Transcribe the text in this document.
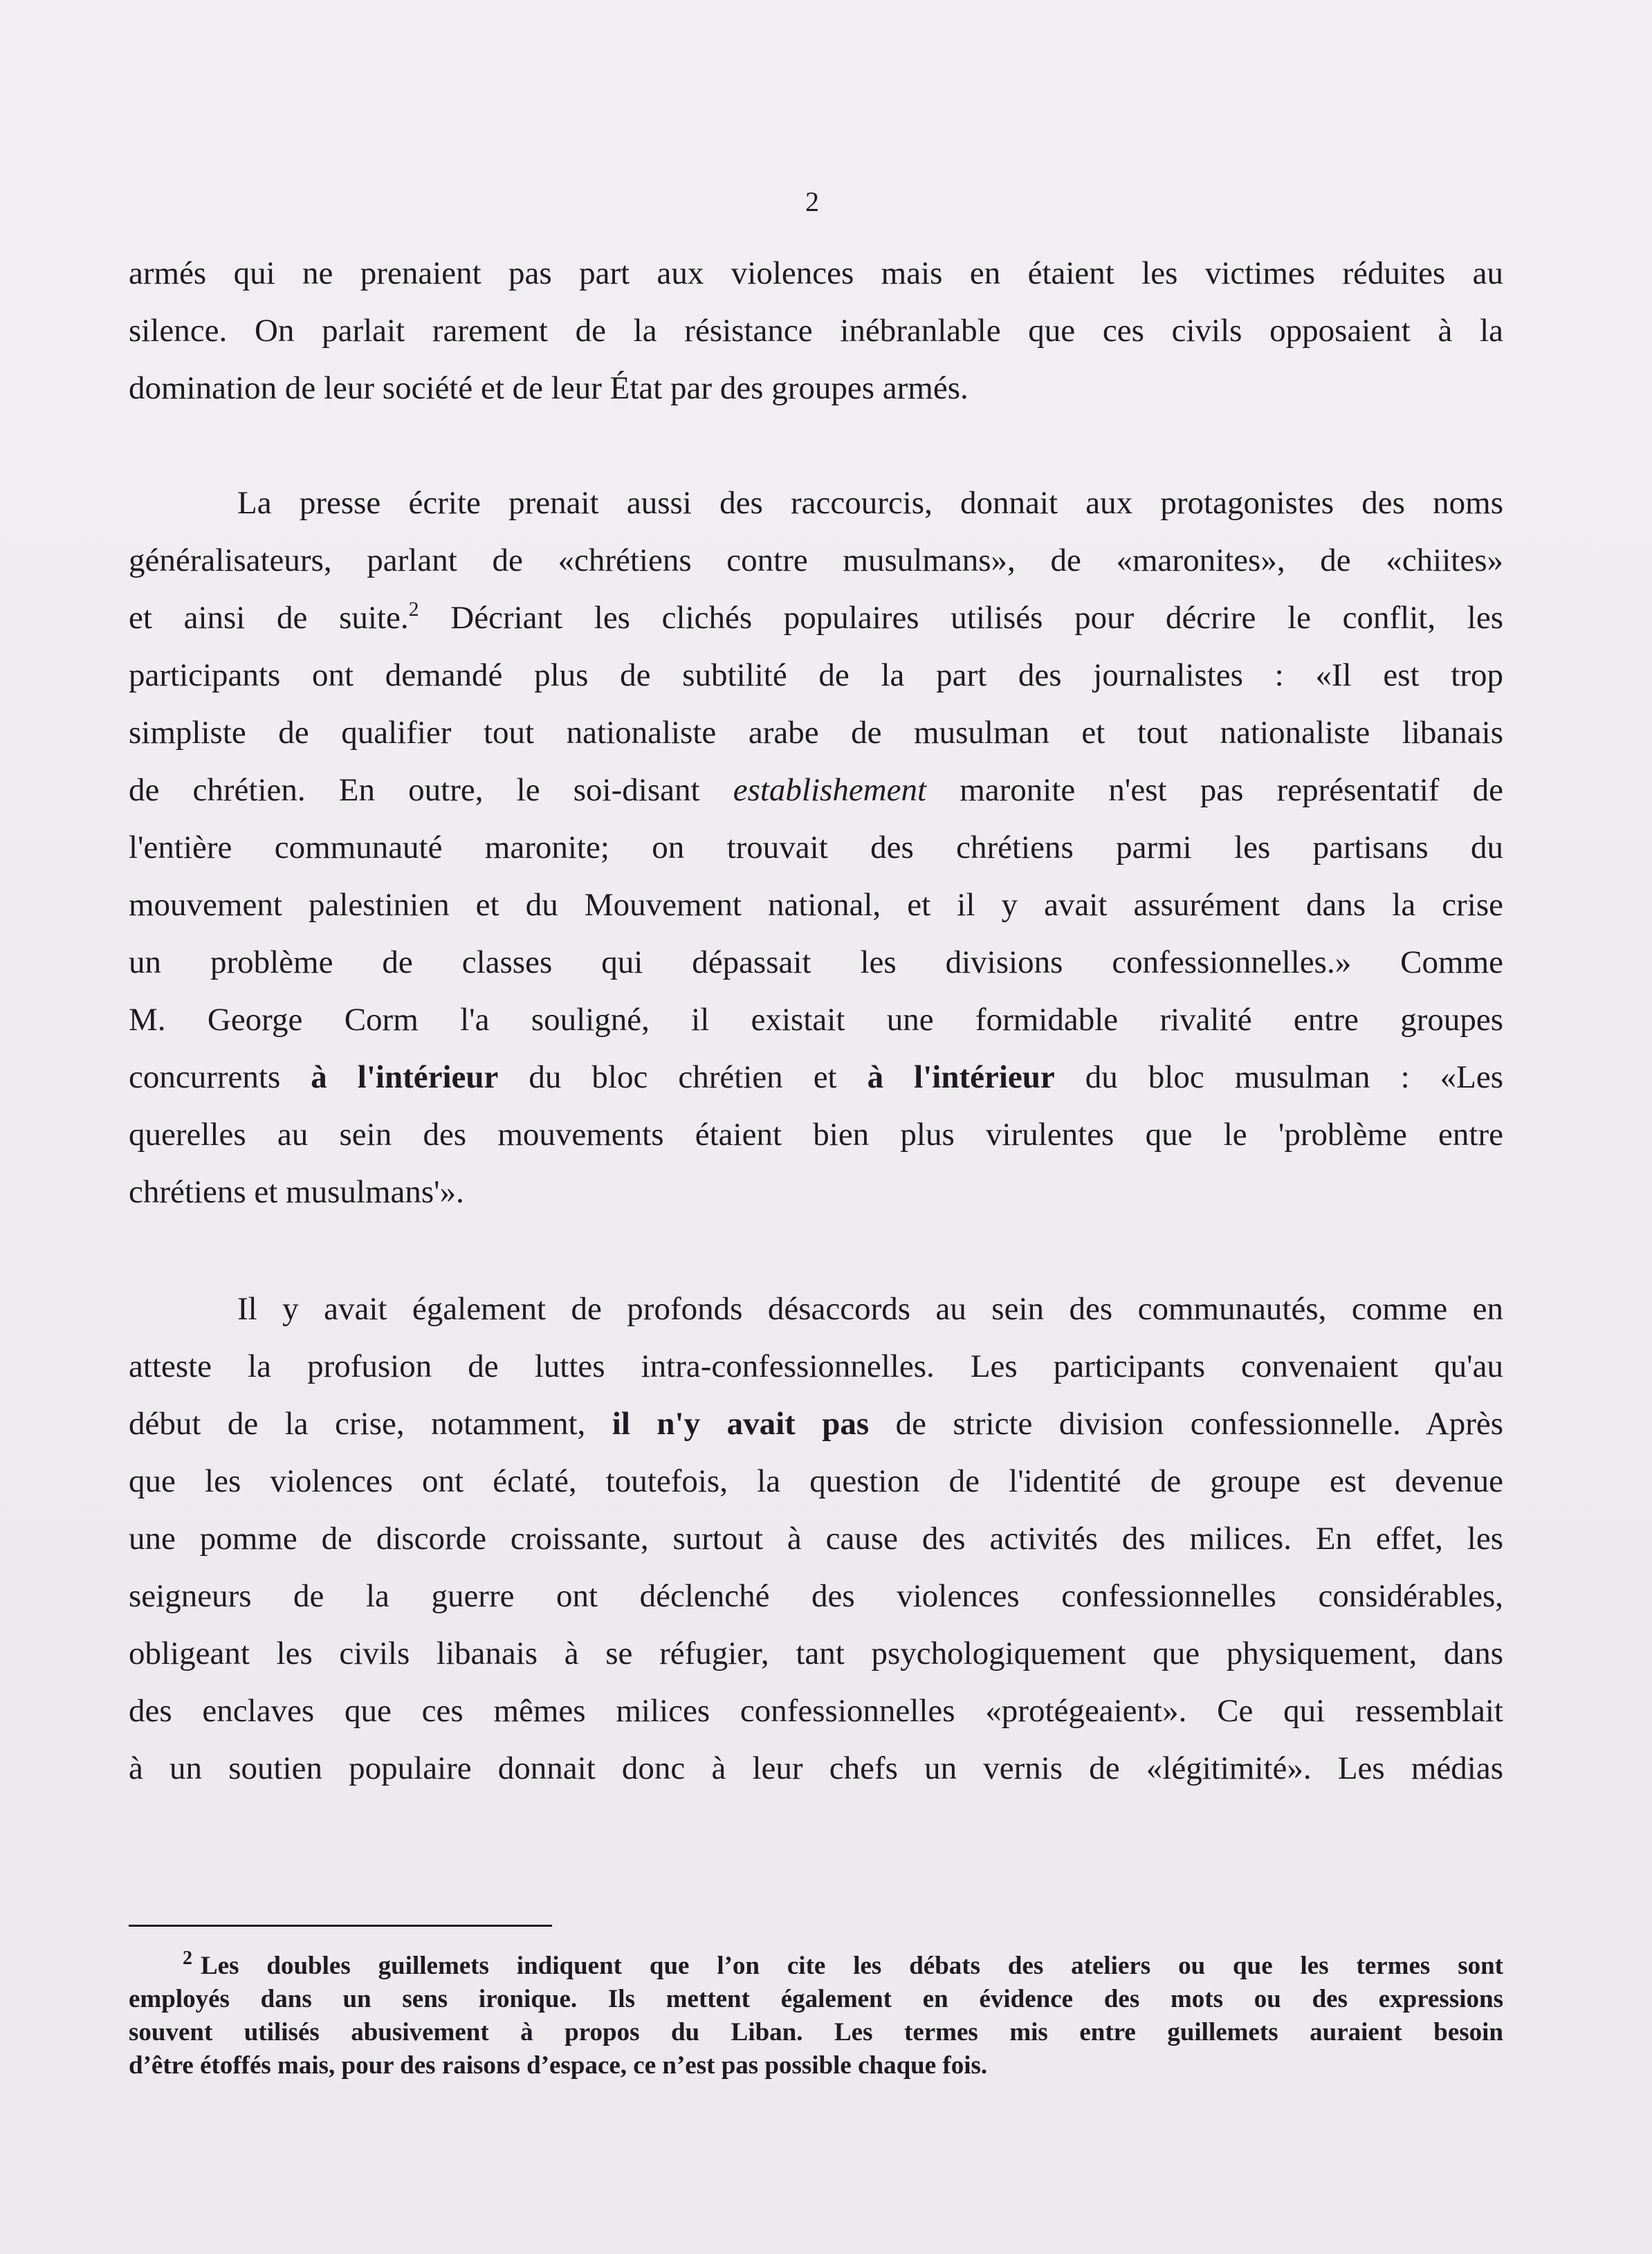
2
armés qui ne prenaient pas part aux violences mais en étaient les victimes réduites au
silence. On parlait rarement de la résistance inébranlable que ces civils opposaient à la
domination de leur société et de leur État par des groupes armés.
La presse écrite prenait aussi des raccourcis, donnait aux protagonistes des noms
généralisateurs, parlant de «chrétiens contre musulmans», de «maronites», de «chiites»
et ainsi de suite.$^2$ Décriant les clichés populaires utilisés pour décrire le conflit, les
participants ont demandé plus de subtilité de la part des journalistes : «Il est trop
simpliste de qualifier tout nationaliste arabe de musulman et tout nationaliste libanais
de chrétien. En outre, le soi-disant establishement maronite n'est pas représentatif de
l'entière communauté maronite; on trouvait des chrétiens parmi les partisans du
mouvement palestinien et du Mouvement national, et il y avait assurément dans la crise
un problème de classes qui dépassait les divisions confessionnelles.» Comme
M. George Corm l'a souligné, il existait une formidable rivalité entre groupes
concurrents à l'intérieur du bloc chrétien et à l'intérieur du bloc musulman : «Les
querelles au sein des mouvements étaient bien plus virulentes que le 'problème entre
chrétiens et musulmans'».
Il y avait également de profonds désaccords au sein des communautés, comme en
atteste la profusion de luttes intra-confessionnelles. Les participants convenaient qu'au
début de la crise, notamment, il n'y avait pas de stricte division confessionnelle. Après
que les violences ont éclaté, toutefois, la question de l'identité de groupe est devenue
une pomme de discorde croissante, surtout à cause des activités des milices. En effet, les
seigneurs de la guerre ont déclenché des violences confessionnelles considérables,
obligeant les civils libanais à se réfugier, tant psychologiquement que physiquement, dans
des enclaves que ces mêmes milices confessionnelles «protégeaient». Ce qui ressemblait
à un soutien populaire donnait donc à leur chefs un vernis de «légitimité». Les médias
2 Les doubles guillemets indiquent que l’on cite les débats des ateliers ou que les termes sont
employés dans un sens ironique. Ils mettent également en évidence des mots ou des expressions
souvent utilisés abusivement à propos du Liban. Les termes mis entre guillemets auraient besoin
d’être étoffés mais, pour des raisons d’espace, ce n’est pas possible chaque fois.
